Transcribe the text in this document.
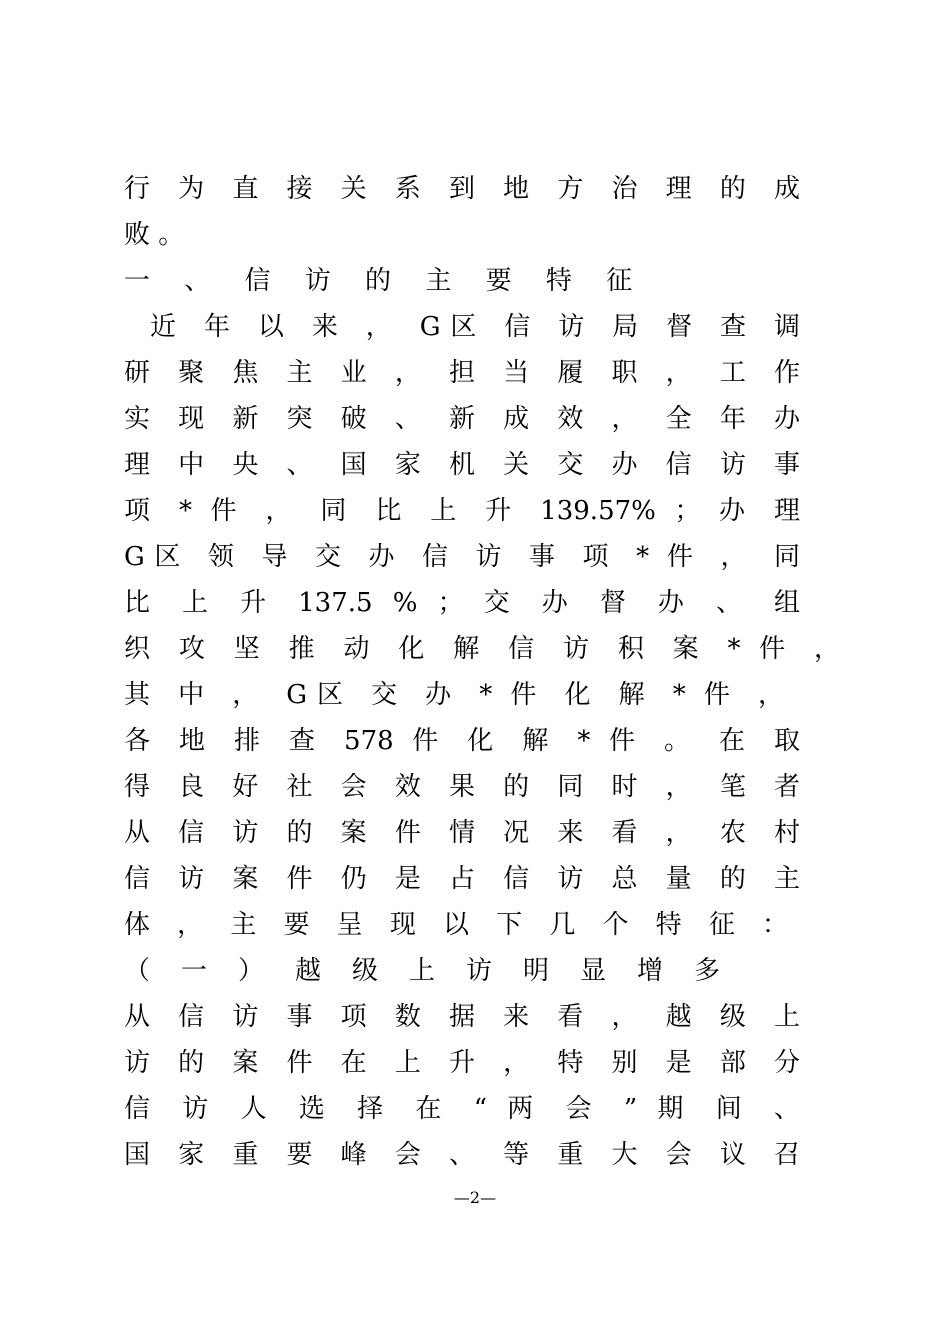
行 为 直 接 关 系 到 地 方 治 理 的 成
败 。
一 、 信 访 的 主 要 特 征
近 年 以 来 ， G区 信 访 局 督 查 调
研 聚 焦 主 业 ， 担 当 履 职 ， 工 作
实 现 新 突 破 、 新 成 效 ， 全 年 办
理 中 央 、 国 家 机 关 交 办 信 访 事
项 * 件 ， 同 比 上 升 139.57% ； 办 理
G区 领 导 交 办 信 访 事 项 * 件 ， 同
比 上 升 137.5 % ； 交 办 督 办 、 组
织 攻 坚 推 动 化 解 信 访 积 案 * 件 ，
其 中 ， G区 交 办 * 件 化 解 * 件 ，
各 地 排 查 578 件 化 解 * 件 。 在 取
得 良 好 社 会 效 果 的 同 时 ， 笔 者
从 信 访 的 案 件 情 况 来 看 ， 农 村
信 访 案 件 仍 是 占 信 访 总 量 的 主
体 ， 主 要 呈 现 以 下 几 个 特 征 ：
（ 一 ） 越 级 上 访 明 显 增 多
从 信 访 事 项 数 据 来 看 ， 越 级 上
访 的 案 件 在 上 升 ， 特 别 是 部 分
信 访 人 选 择 在 “ 两 会 ” 期 间 、
国 家 重 要 峰 会 、 等 重 大 会 议 召
—2—
